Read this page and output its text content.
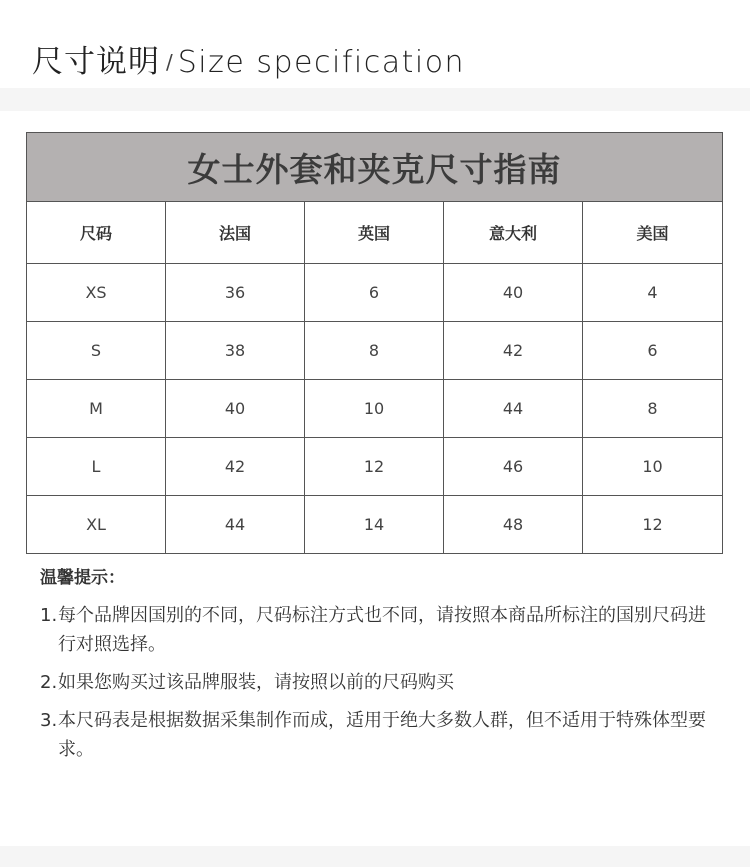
尺寸说明 / Size specification
女士外套和夹克尺寸指南				
尺码	法国	英国	意大利	美国
XS	36	6	40	4
S	38	8	42	6
M	40	10	44	8
L	42	12	46	10
XL	44	14	48	12
温馨提示：
1. 每个品牌因国别的不同，尺码标注方式也不同，请按照本商品所标注的国别尺码进行对照选择。
2. 如果您购买过该品牌服装，请按照以前的尺码购买
3. 本尺码表是根据数据采集制作而成，适用于绝大多数人群，但不适用于特殊体型要求。
